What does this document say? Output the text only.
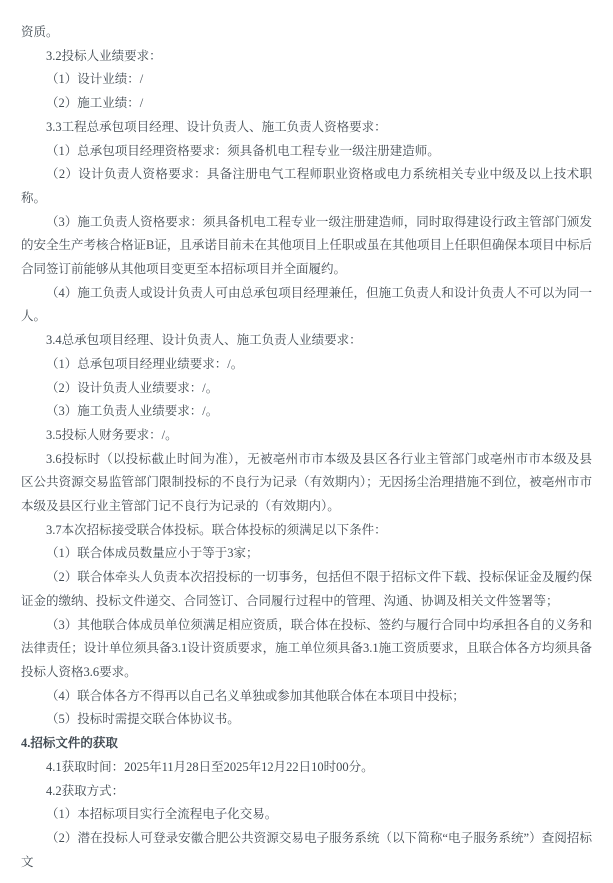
资质。

3.2投标人业绩要求：

（1）设计业绩：/

（2）施工业绩：/

3.3工程总承包项目经理、设计负责人、施工负责人资格要求：

（1）总承包项目经理资格要求：须具备机电工程专业一级注册建造师。

（2）设计负责人资格要求：具备注册电气工程师职业资格或电力系统相关专业中级及以上技术职称。

（3）施工负责人资格要求：须具备机电工程专业一级注册建造师，同时取得建设行政主管部门颁发的安全生产考核合格证B证，且承诺目前未在其他项目上任职或虽在其他项目上任职但确保本项目中标后合同签订前能够从其他项目变更至本招标项目并全面履约。

（4）施工负责人或设计负责人可由总承包项目经理兼任，但施工负责人和设计负责人不可以为同一人。

3.4总承包项目经理、设计负责人、施工负责人业绩要求：

（1）总承包项目经理业绩要求：/。

（2）设计负责人业绩要求：/。

（3）施工负责人业绩要求：/。

3.5投标人财务要求：/。

3.6投标时（以投标截止时间为准），无被亳州市市本级及县区各行业主管部门或亳州市市本级及县区公共资源交易监管部门限制投标的不良行为记录（有效期内）；无因扬尘治理措施不到位，被亳州市市本级及县区行业主管部门记不良行为记录的（有效期内）。

3.7本次招标接受联合体投标。联合体投标的须满足以下条件：

（1）联合体成员数量应小于等于3家；

（2）联合体牵头人负责本次招投标的一切事务，包括但不限于招标文件下载、投标保证金及履约保证金的缴纳、投标文件递交、合同签订、合同履行过程中的管理、沟通、协调及相关文件签署等；

（3）其他联合体成员单位须满足相应资质，联合体在投标、签约与履行合同中均承担各自的义务和法律责任；设计单位须具备3.1设计资质要求，施工单位须具备3.1施工资质要求，且联合体各方均须具备投标人资格3.6要求。

（4）联合体各方不得再以自己名义单独或参加其他联合体在本项目中投标；

（5）投标时需提交联合体协议书。

4.招标文件的获取

4.1获取时间：2025年11月28日至2025年12月22日10时00分。

4.2获取方式：

（1）本招标项目实行全流程电子化交易。

（2）潜在投标人可登录安徽合肥公共资源交易电子服务系统（以下简称“电子服务系统”）查阅招标文
